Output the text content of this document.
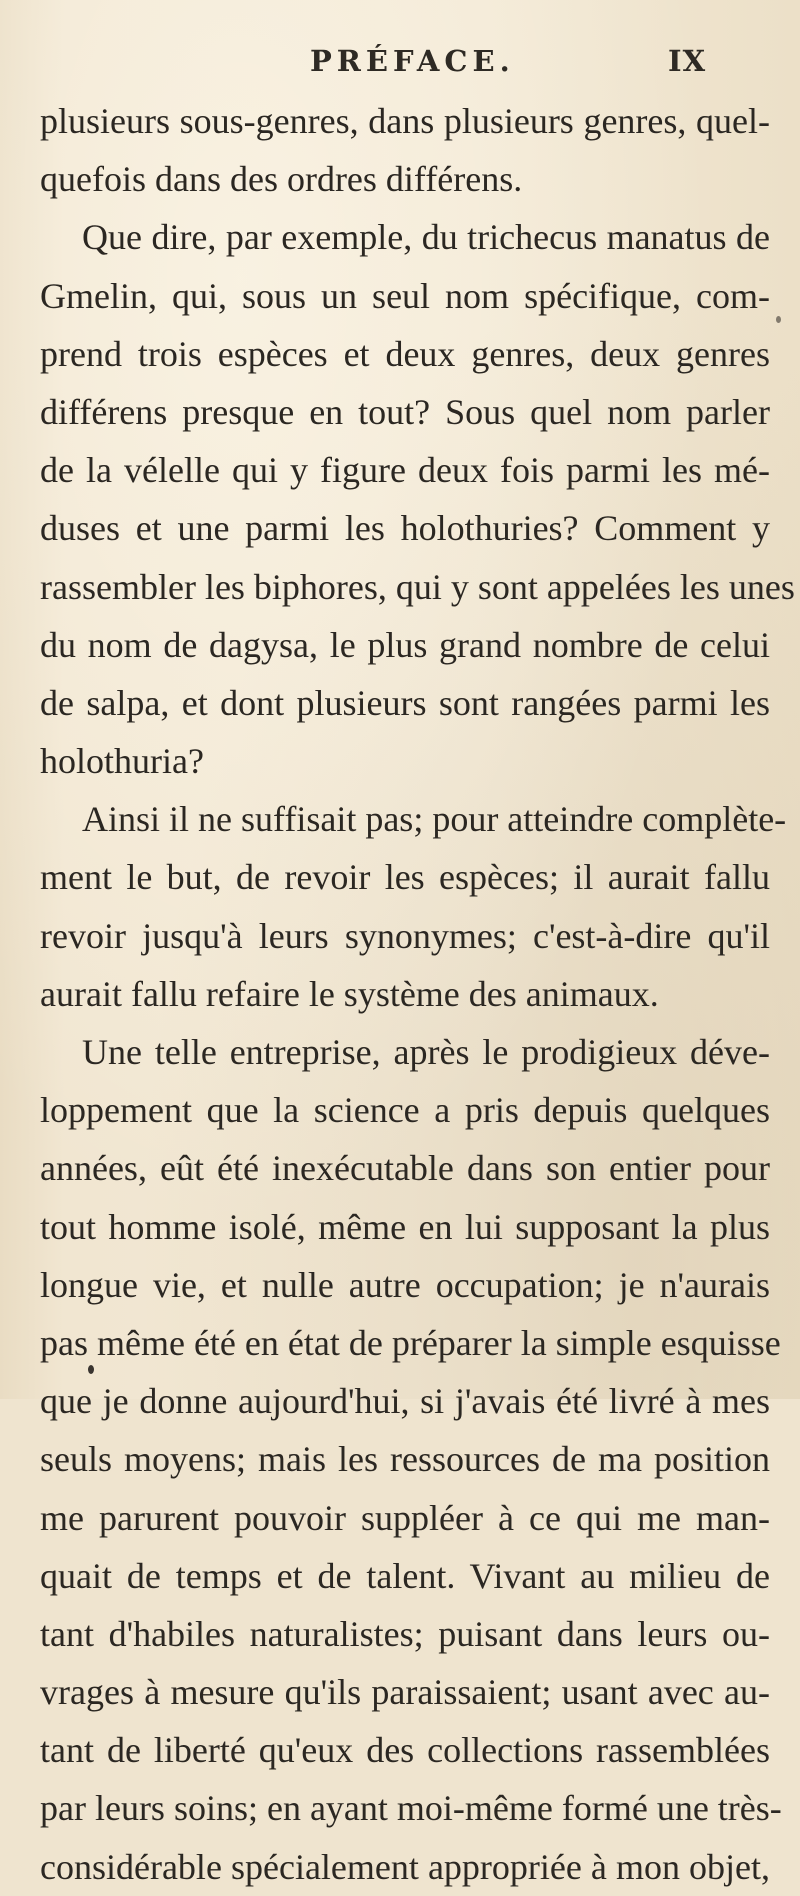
PRÉFACE.	IX
plusieurs sous-genres, dans plusieurs genres, quel-
quefois dans des ordres différens.
Que dire, par exemple, du trichecus manatus de
Gmelin, qui, sous un seul nom spécifique, com-
prend trois espèces et deux genres, deux genres
différens presque en tout? Sous quel nom parler
de la vélelle qui y figure deux fois parmi les mé-
duses et une parmi les holothuries? Comment y
rassembler les biphores, qui y sont appelées les unes
du nom de dagysa, le plus grand nombre de celui
de salpa, et dont plusieurs sont rangées parmi les
holothuria?
Ainsi il ne suffisait pas; pour atteindre complète-
ment le but, de revoir les espèces; il aurait fallu
revoir jusqu'à leurs synonymes; c'est-à-dire qu'il
aurait fallu refaire le système des animaux.
Une telle entreprise, après le prodigieux déve-
loppement que la science a pris depuis quelques
années, eût été inexécutable dans son entier pour
tout homme isolé, même en lui supposant la plus
longue vie, et nulle autre occupation; je n'aurais
pas même été en état de préparer la simple esquisse
que je donne aujourd'hui, si j'avais été livré à mes
seuls moyens; mais les ressources de ma position
me parurent pouvoir suppléer à ce qui me man-
quait de temps et de talent. Vivant au milieu de
tant d'habiles naturalistes; puisant dans leurs ou-
vrages à mesure qu'ils paraissaient; usant avec au-
tant de liberté qu'eux des collections rassemblées
par leurs soins; en ayant moi-même formé une très-
considérable spécialement appropriée à mon objet,
